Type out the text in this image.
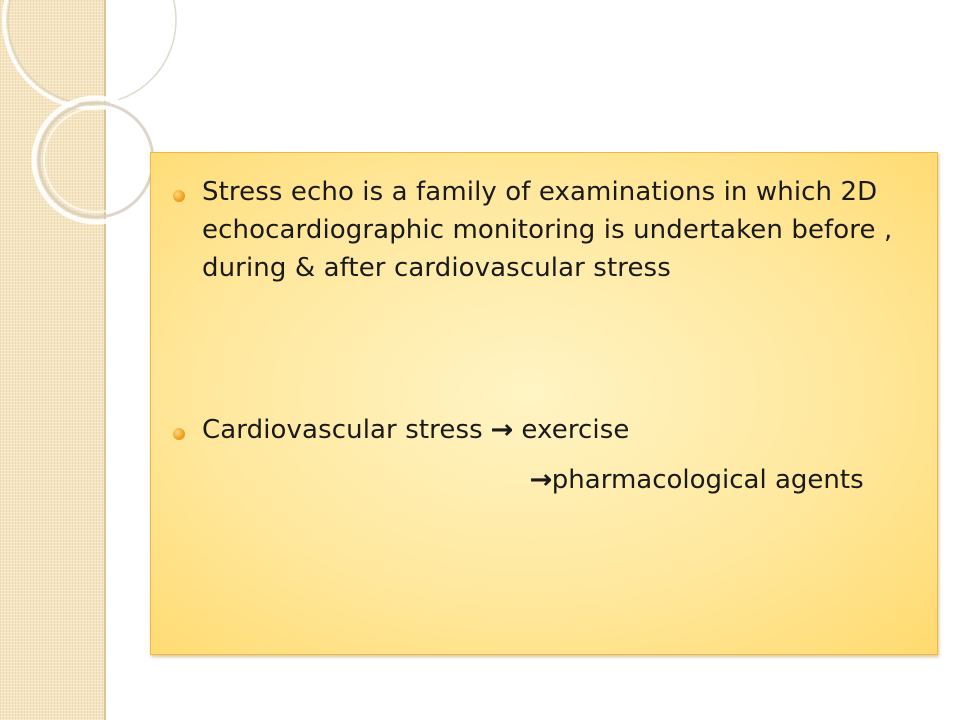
Stress echo is a family of examinations in which 2D echocardiographic monitoring is undertaken before , during & after cardiovascular stress
Cardiovascular stress → exercise
→pharmacological agents
